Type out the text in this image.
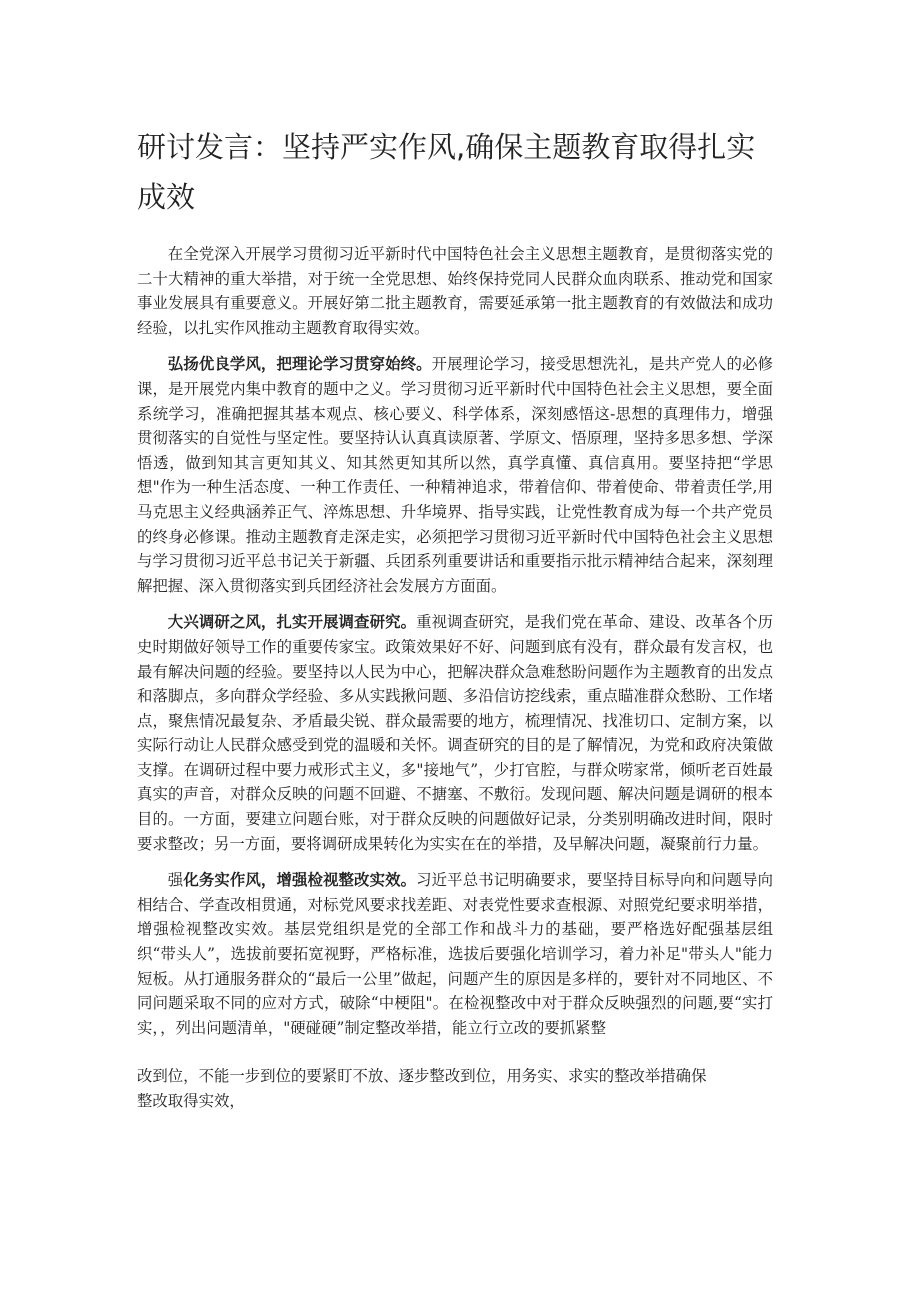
研讨发言：坚持严实作风,确保主题教育取得扎实成效

在全党深入开展学习贯彻习近平新时代中国特色社会主义思想主题教育，是贯彻落实党的二十大精神的重大举措，对于统一全党思想、始终保持党同人民群众血肉联系、推动党和国家事业发展具有重要意义。开展好第二批主题教育，需要延承第一批主题教育的有效做法和成功经验，以扎实作风推动主题教育取得实效。

弘扬优良学风，把理论学习贯穿始终。开展理论学习，接受思想洗礼，是共产党人的必修课，是开展党内集中教育的题中之义。学习贯彻习近平新时代中国特色社会主义思想，要全面系统学习，准确把握其基本观点、核心要义、科学体系，深刻感悟这-思想的真理伟力，增强贯彻落实的自觉性与坚定性。要坚持认认真真读原著、学原文、悟原理，坚持多思多想、学深悟透，做到知其言更知其义、知其然更知其所以然，真学真懂、真信真用。要坚持把“学思想"作为一种生活态度、一种工作责任、一种精神追求，带着信仰、带着使命、带着责任学,用马克思主义经典涵养正气、淬炼思想、升华境界、指导实践，让党性教育成为每一个共产党员的终身必修课。推动主题教育走深走实，必须把学习贯彻习近平新时代中国特色社会主义思想与学习贯彻习近平总书记关于新疆、兵团系列重要讲话和重要指示批示精神结合起来，深刻理解把握、深入贯彻落实到兵团经济社会发展方方面面。

大兴调研之风，扎实开展调查研究。重视调查研究，是我们党在革命、建设、改革各个历史时期做好领导工作的重要传家宝。政策效果好不好、问题到底有没有，群众最有发言权，也最有解决问题的经验。要坚持以人民为中心，把解决群众急难愁盼问题作为主题教育的出发点和落脚点，多向群众学经验、多从实践揪问题、多沿信访挖线索，重点瞄准群众愁盼、工作堵点，聚焦情况最复杂、矛盾最尖锐、群众最需要的地方，梳理情况、找准切口、定制方案，以实际行动让人民群众感受到党的温暖和关怀。调查研究的目的是了解情况，为党和政府决策做支撑。在调研过程中要力戒形式主义，多"接地气”，少打官腔，与群众唠家常，倾听老百姓最真实的声音，对群众反映的问题不回避、不搪塞、不敷衍。发现问题、解决问题是调研的根本目的。一方面，要建立问题台账，对于群众反映的问题做好记录，分类别明确改进时间，限时要求整改；另一方面，要将调研成果转化为实实在在的举措，及早解决问题，凝聚前行力量。

强化务实作风，增强检视整改实效。习近平总书记明确要求，要坚持目标导向和问题导向相结合、学查改相贯通，对标党风要求找差距、对表党性要求查根源、对照党纪要求明举措，增强检视整改实效。基层党组织是党的全部工作和战斗力的基础，要严格选好配强基层组织“带头人”，选拔前要拓宽视野，严格标准，选拔后要强化培训学习，着力补足"带头人"能力短板。从打通服务群众的“最后一公里”做起，问题产生的原因是多样的，要针对不同地区、不同问题采取不同的应对方式，破除“中梗阻"。在检视整改中对于群众反映强烈的问题,要“实打实，，列出问题清单，"硬碰硬”制定整改举措，能立行立改的要抓紧整

改到位，不能一步到位的要紧盯不放、逐步整改到位，用务实、求实的整改举措确保

整改取得实效，
